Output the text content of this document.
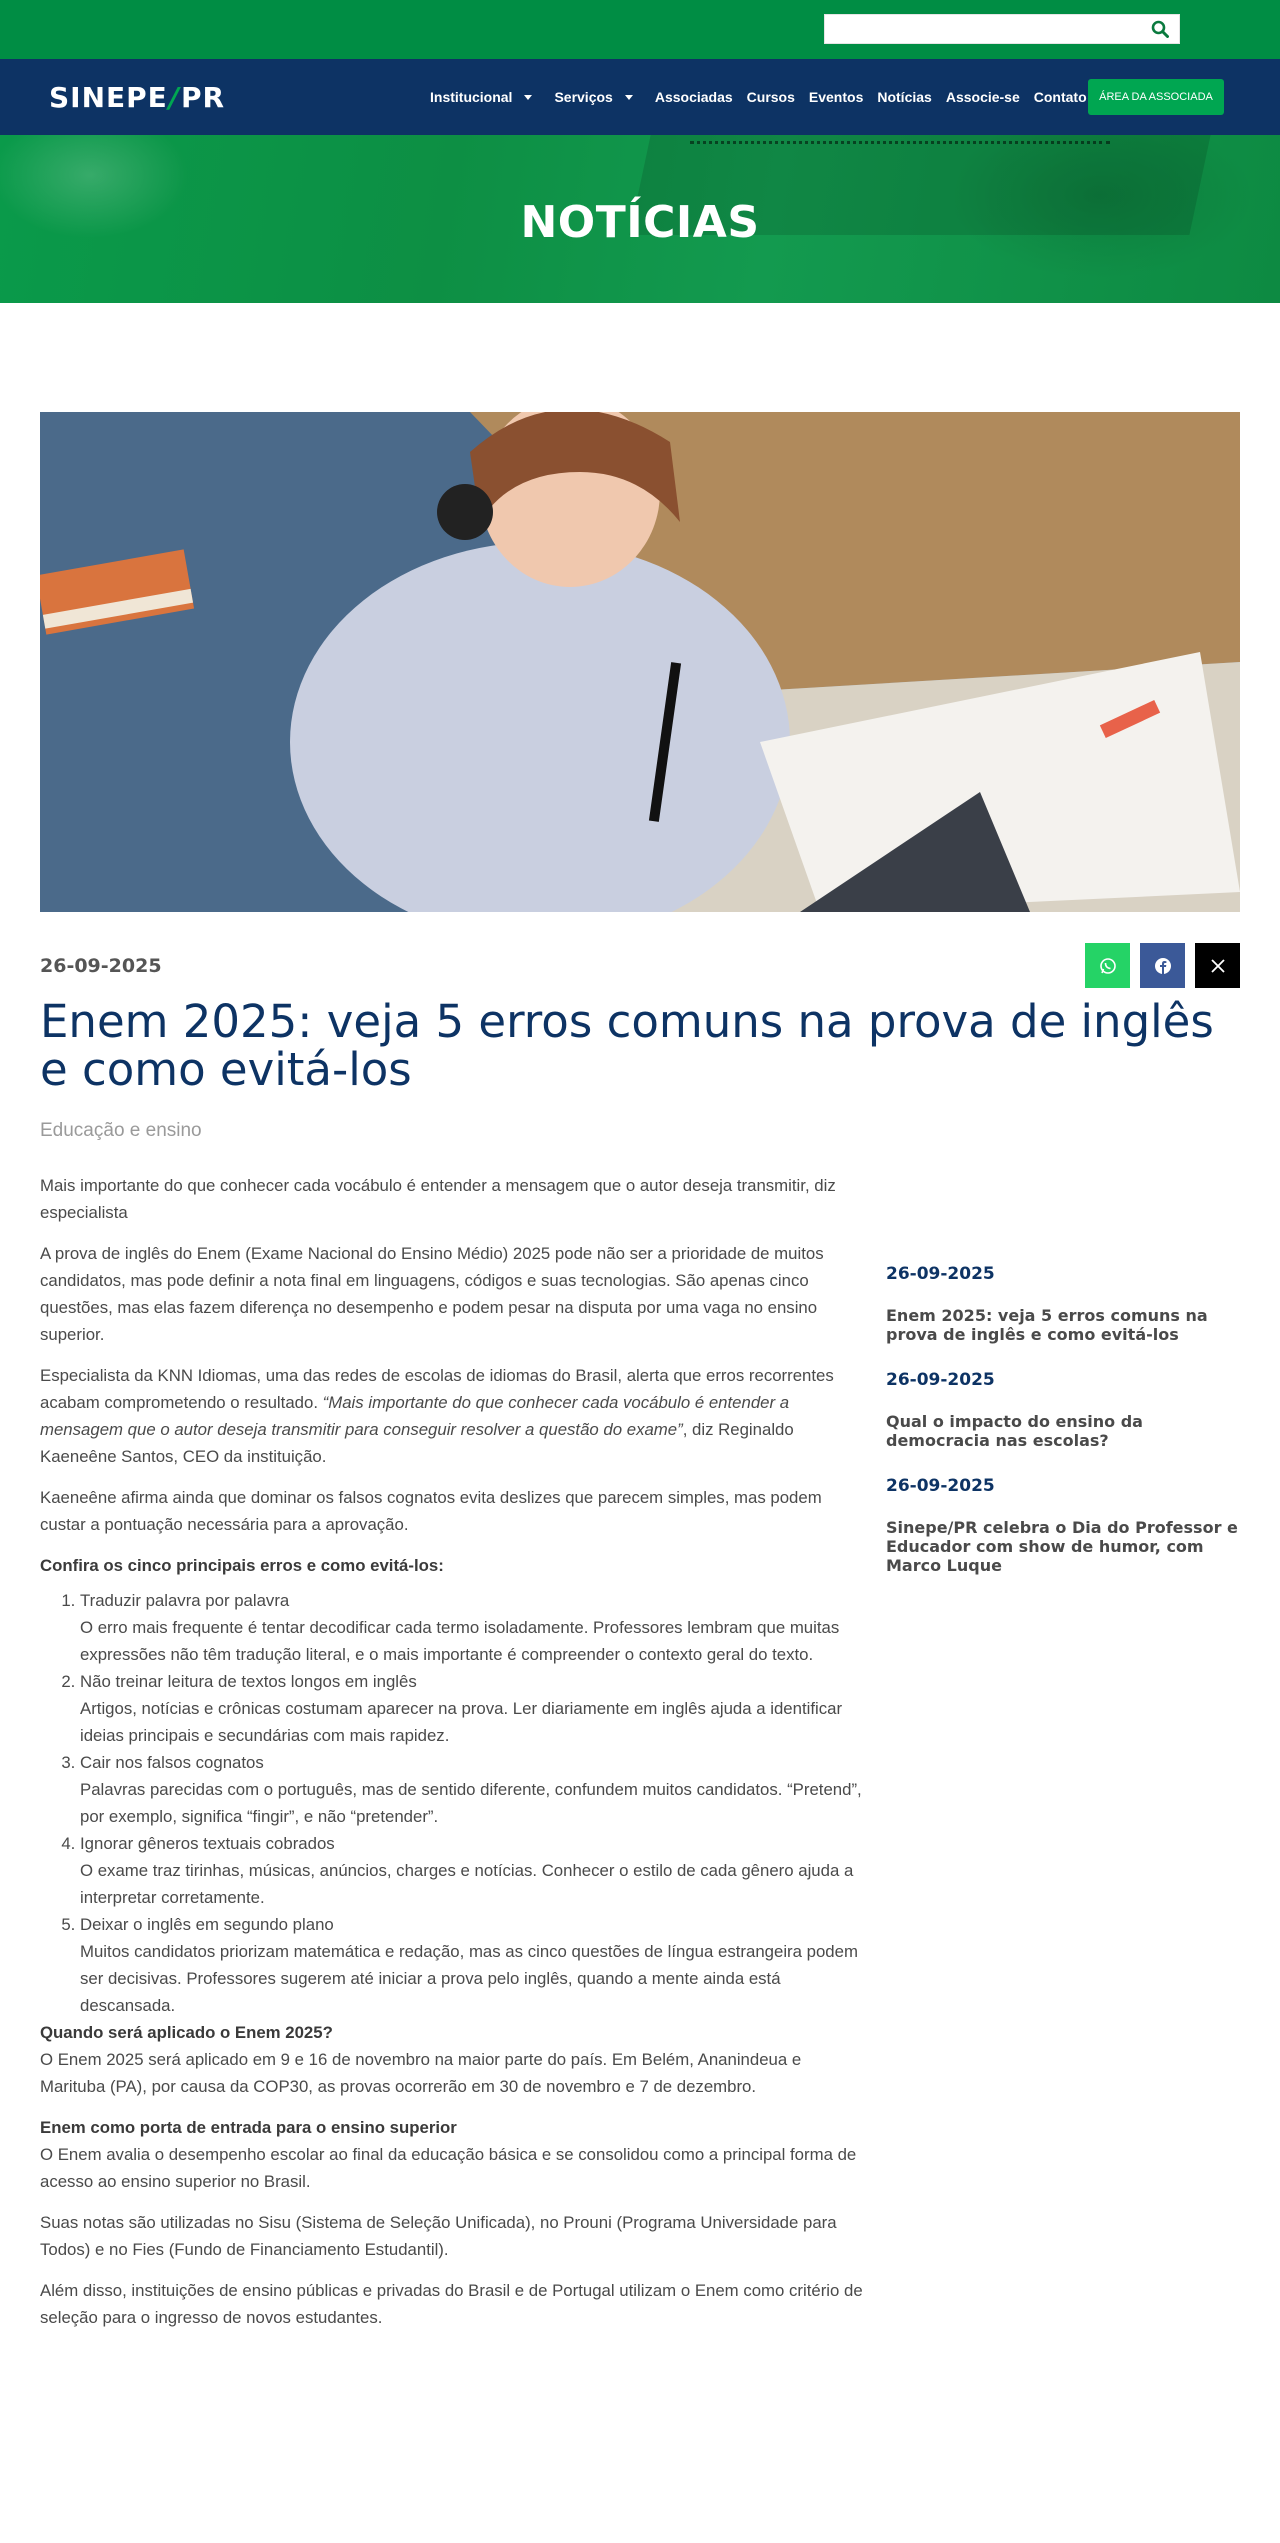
SINEPE / PR	Institucional	Serviços	Associadas Cursos Eventos Notícias Associe-se Contato	ÁREA DA ASSOCIADA
NOTÍCIAS
26-09-2025
Enem 2025: veja 5 erros comuns na prova de inglês e como evitá-los
Educação e ensino

Mais importante do que conhecer cada vocábulo é entender a mensagem que o autor deseja transmitir, diz especialista

A prova de inglês do Enem (Exame Nacional do Ensino Médio) 2025 pode não ser a prioridade de muitos candidatos, mas pode definir a nota final em linguagens, códigos e suas tecnologias. São apenas cinco questões, mas elas fazem diferença no desempenho e podem pesar na disputa por uma vaga no ensino superior.

Especialista da KNN Idiomas, uma das redes de escolas de idiomas do Brasil, alerta que erros recorrentes acabam comprometendo o resultado. “Mais importante do que conhecer cada vocábulo é entender a mensagem que o autor deseja transmitir para conseguir resolver a questão do exame”, diz Reginaldo Kaeneêne Santos, CEO da instituição.

Kaeneêne afirma ainda que dominar os falsos cognatos evita deslizes que parecem simples, mas podem custar a pontuação necessária para a aprovação.

Confira os cinco principais erros e como evitá-los:

1. Traduzir palavra por palavra
O erro mais frequente é tentar decodificar cada termo isoladamente. Professores lembram que muitas expressões não têm tradução literal, e o mais importante é compreender o contexto geral do texto.
2. Não treinar leitura de textos longos em inglês
Artigos, notícias e crônicas costumam aparecer na prova. Ler diariamente em inglês ajuda a identificar ideias principais e secundárias com mais rapidez.
3. Cair nos falsos cognatos
Palavras parecidas com o português, mas de sentido diferente, confundem muitos candidatos. “Pretend”, por exemplo, significa “fingir”, e não “pretender”.
4. Ignorar gêneros textuais cobrados
O exame traz tirinhas, músicas, anúncios, charges e notícias. Conhecer o estilo de cada gênero ajuda a interpretar corretamente.
5. Deixar o inglês em segundo plano
Muitos candidatos priorizam matemática e redação, mas as cinco questões de língua estrangeira podem ser decisivas. Professores sugerem até iniciar a prova pelo inglês, quando a mente ainda está descansada.

Quando será aplicado o Enem 2025?

O Enem 2025 será aplicado em 9 e 16 de novembro na maior parte do país. Em Belém, Ananindeua e Marituba (PA), por causa da COP30, as provas ocorrerão em 30 de novembro e 7 de dezembro.

Enem como porta de entrada para o ensino superior

O Enem avalia o desempenho escolar ao final da educação básica e se consolidou como a principal forma de acesso ao ensino superior no Brasil.

Suas notas são utilizadas no Sisu (Sistema de Seleção Unificada), no Prouni (Programa Universidade para Todos) e no Fies (Fundo de Financiamento Estudantil).

Além disso, instituições de ensino públicas e privadas do Brasil e de Portugal utilizam o Enem como critério de seleção para o ingresso de novos estudantes.

26-09-2025
Enem 2025: veja 5 erros comuns na prova de inglês e como evitá-los
26-09-2025
Qual o impacto do ensino da democracia nas escolas?
26-09-2025
Sinepe/PR celebra o Dia do Professor e Educador com show de humor, com Marco Luque
